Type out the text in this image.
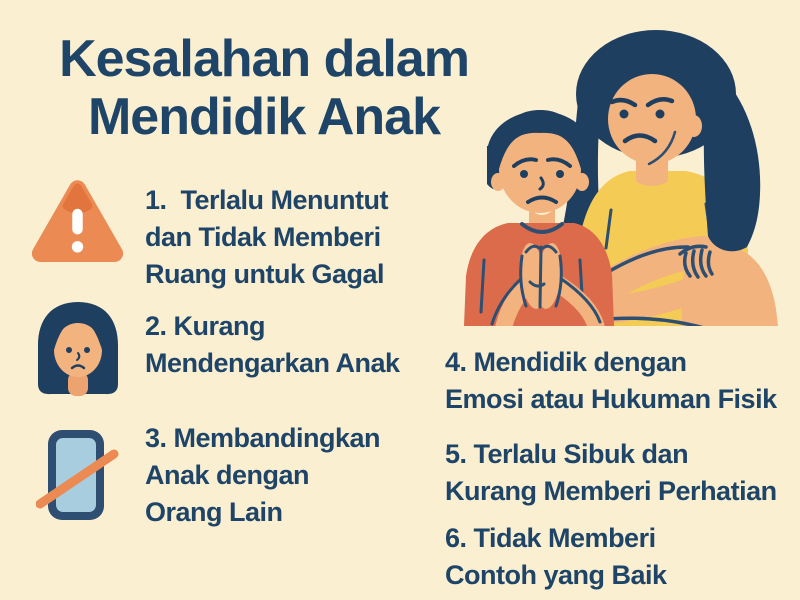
Kesalahan dalam
Mendidik Anak
1.  Terlalu Menuntut
dan Tidak Memberi
Ruang untuk Gagal
2. Kurang
Mendengarkan Anak
3. Membandingkan
Anak dengan
Orang Lain
4. Mendidik dengan
Emosi atau Hukuman Fisik
5. Terlalu Sibuk dan
Kurang Memberi Perhatian
6. Tidak Memberi
Contoh yang Baik
